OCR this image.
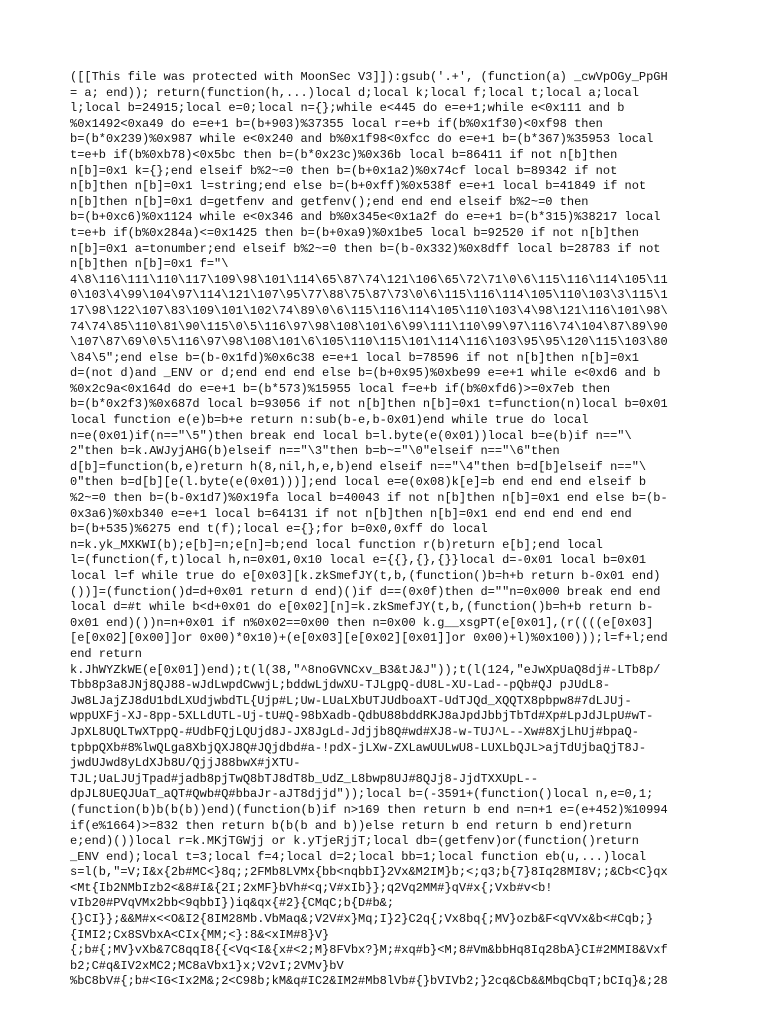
([[This file was protected with MoonSec V3]]):gsub('.+', (function(a) _cwVpOGy_PpGH
= a; end)); return(function(h,...)local d;local k;local f;local t;local a;local
l;local b=24915;local e=0;local n={};while e<445 do e=e+1;while e<0x111 and b
%0x1492<0xa49 do e=e+1 b=(b+903)%37355 local r=e+b if(b%0x1f30)<0xf98 then
b=(b*0x239)%0x987 while e<0x240 and b%0x1f98<0xfcc do e=e+1 b=(b*367)%35953 local
t=e+b if(b%0xb78)<0x5bc then b=(b*0x23c)%0x36b local b=86411 if not n[b]then
n[b]=0x1 k={};end elseif b%2~=0 then b=(b+0x1a2)%0x74cf local b=89342 if not
n[b]then n[b]=0x1 l=string;end else b=(b+0xff)%0x538f e=e+1 local b=41849 if not
n[b]then n[b]=0x1 d=getfenv and getfenv();end end end elseif b%2~=0 then
b=(b+0xc6)%0x1124 while e<0x346 and b%0x345e<0x1a2f do e=e+1 b=(b*315)%38217 local
t=e+b if(b%0x284a)<=0x1425 then b=(b+0xa9)%0x1be5 local b=92520 if not n[b]then
n[b]=0x1 a=tonumber;end elseif b%2~=0 then b=(b-0x332)%0x8dff local b=28783 if not
n[b]then n[b]=0x1 f="\
4\8\116\111\110\117\109\98\101\114\65\87\74\121\106\65\72\71\0\6\115\116\114\105\11
0\103\4\99\104\97\114\121\107\95\77\88\75\87\73\0\6\115\116\114\105\110\103\3\115\1
17\98\122\107\83\109\101\102\74\89\0\6\115\116\114\105\110\103\4\98\121\116\101\98\
74\74\85\110\81\90\115\0\5\116\97\98\108\101\6\99\111\110\99\97\116\74\104\87\89\90
\107\87\69\0\5\116\97\98\108\101\6\105\110\115\101\114\116\103\95\95\120\115\103\80
\84\5";end else b=(b-0x1fd)%0x6c38 e=e+1 local b=78596 if not n[b]then n[b]=0x1
d=(not d)and _ENV or d;end end end else b=(b+0x95)%0xbe99 e=e+1 while e<0xd6 and b
%0x2c9a<0x164d do e=e+1 b=(b*573)%15955 local f=e+b if(b%0xfd6)>=0x7eb then
b=(b*0x2f3)%0x687d local b=93056 if not n[b]then n[b]=0x1 t=function(n)local b=0x01
local function e(e)b=b+e return n:sub(b-e,b-0x01)end while true do local
n=e(0x01)if(n=="\5")then break end local b=l.byte(e(0x01))local b=e(b)if n=="\
2"then b=k.AWJyjAHG(b)elseif n=="\3"then b=b~="\0"elseif n=="\6"then
d[b]=function(b,e)return h(8,nil,h,e,b)end elseif n=="\4"then b=d[b]elseif n=="\
0"then b=d[b][e(l.byte(e(0x01)))];end local e=e(0x08)k[e]=b end end end elseif b
%2~=0 then b=(b-0x1d7)%0x19fa local b=40043 if not n[b]then n[b]=0x1 end else b=(b-
0x3a6)%0xb340 e=e+1 local b=64131 if not n[b]then n[b]=0x1 end end end end end
b=(b+535)%6275 end t(f);local e={};for b=0x0,0xff do local
n=k.yk_MXKWI(b);e[b]=n;e[n]=b;end local function r(b)return e[b];end local
l=(function(f,t)local h,n=0x01,0x10 local e={{},{},{}}local d=-0x01 local b=0x01
local l=f while true do e[0x03][k.zkSmefJY(t,b,(function()b=h+b return b-0x01 end)
())]=(function()d=d+0x01 return d end)()if d==(0x0f)then d=""n=0x000 break end end
local d=#t while b<d+0x01 do e[0x02][n]=k.zkSmefJY(t,b,(function()b=h+b return b-
0x01 end)())n=n+0x01 if n%0x02==0x00 then n=0x00 k.g__xsgPT(e[0x01],(r((((e[0x03]
[e[0x02][0x00]]or 0x00)*0x10)+(e[0x03][e[0x02][0x01]]or 0x00)+l)%0x100)));l=f+l;end
end return
k.JhWYZkWE(e[0x01])end);t(l(38,"^8noGVNCxv_B3&tJ&J"));t(l(124,"eJwXpUaQ8dj#-LTb8p/
Tbb8p3a8JNj8QJ88-wJdLwpdCwwjL;bddwLjdwXU-TJLgpQ-dU8L-XU-Lad--pQb#QJ pJUdL8-
Jw8LJajZJ8dU1bdLXUdjwbdTL{Ujp#L;Uw-LUaLXbUTJUdboaXT-UdTJQd_XQQTX8pbpw8#7dLJUj-
wppUXFj-XJ-8pp-5XLLdUTL-Uj-tU#Q-98bXadb-QdbU88bddRKJ8aJpdJbbjTbTd#Xp#LpJdJLpU#wT-
JpXL8UQLTwXTppQ-#UdbFQjLQUjd8J-JX8JgLd-Jdjjb8Q#wd#XJ8-w-TUJ^L--Xw#8XjLhUj#bpaQ-
tpbpQXb#8%lwQLga8XbjQXJ8Q#JQjdbd#a-!pdX-jLXw-ZXLawUULwU8-LUXLbQJL>ajTdUjbaQjT8J-
jwdUJwd8yLdXJb8U/QjjJ88bwX#jXTU-
TJL;UaLJUjTpad#jadb8pjTwQ8bTJ8dT8b_UdZ_L8bwp8UJ#8QJj8-JjdTXXUpL--
dpJL8UEQJUaT_aQT#Qwb#Q#bbaJr-aJT8djjd"));local b=(-3591+(function()local n,e=0,1;
(function(b)b(b(b))end)(function(b)if n>169 then return b end n=n+1 e=(e+452)%10994
if(e%1664)>=832 then return b(b(b and b))else return b end return b end)return
e;end)())local r=k.MKjTGWjj or k.yTjeRjjT;local db=(getfenv)or(function()return
_ENV end);local t=3;local f=4;local d=2;local bb=1;local function eb(u,...)local
s=l(b,"=V;I&x{2b#MC<}8q;;2FMb8LVMx{bb<nqbbI}2Vx&M2IM}b;<;q3;b{7}8Iq28MI8V;;&Cb<C}qx
<Mt{Ib2NMbIzb2<&8#I&{2I;2xMF}bVh#<q;V#xIb}};q2Vq2MM#}qV#x{;Vxb#v<b!
vIb20#PVqVMx2bb<9qbbI})iq&qx{#2}{CMqC;b{D#b&;
{}CI}};&&M#x<<O&I2{8IM28Mb.VbMaq&;V2V#x}Mq;I}2}C2q{;Vx8bq{;MV}ozb&F<qVVx&b<#Cqb;}
{IMI2;Cx8SVbxA<CIx{MM;<}:8&<xIM#8}V}
{;b#{;MV}vXb&7C8qqI8{{<Vq<I&{x#<2;M}8FVbx?}M;#xq#b}<M;8#Vm&bbHq8Iq28bA}CI#2MMI8&Vxf
b2;C#q&IV2xMC2;MC8aVbx1}x;V2vI;2VMv}bV
%bC8bV#{;b#<IG<Ix2M&;2<C98b;kM&q#IC2&IM2#Mb8lVb#{}bVIVb2;}2cq&Cb&&MbqCbqT;bCIq}&;28
